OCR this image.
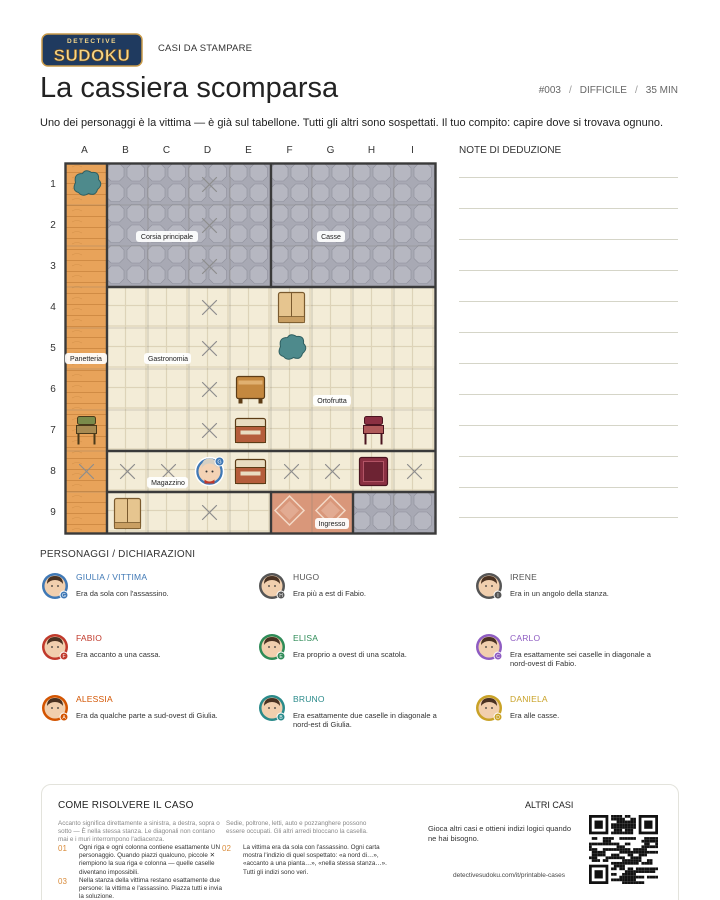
DETECTIVE
SUDOKU	CASI DA STAMPARE
La cassiera scomparsa	#003 / DIFFICILE / 35 MIN
Uno dei personaggi è la vittima — è già sul tabellone. Tutti gli altri sono sospettati. Il tuo compito: capire dove si trovava ognuno.
A	B	C	D	E	F	G	H	I
1
2
3
4
5
6
7
8
9
G
Corsia principale	Casse
Panetteria	Gastronomia
Ortofrutta
Magazzino
Ingresso
NOTE DI DEDUZIONE
PERSONAGGI / DICHIARAZIONI
G
GIULIA / VITTIMA
Era da sola con l'assassino.	H
HUGO
Era più a est di Fabio.	I
IRENE
Era in un angolo della stanza.
F
FABIO
Era accanto a una cassa.	E
ELISA
Era proprio a ovest di una scatola.	C
CARLO
Era esattamente sei caselle in diagonale a nord-ovest di Fabio.
A
ALESSIA
Era da qualche parte a sud-ovest di Giulia.	B
BRUNO
Era esattamente due caselle in diagonale a nord-est di Giulia.
D
DANIELA
Era alle casse.
COME RISOLVERE IL CASO
Accanto significa direttamente a sinistra, a destra, sopra o sotto — È nella stessa stanza. Le diagonali non contano mai e i muri interrompono l'adiacenza.
Sedie, poltrone, letti, auto e pozzanghere possono essere occupati. Gli altri arredi bloccano la casella.
01 Ogni riga e ogni colonna contiene esattamente UN personaggio. Quando piazzi qualcuno, piccole ✕ riempiono la sua riga e colonna — quelle caselle diventano impossibili.
02 La vittima era da sola con l'assassino. Ogni carta mostra l'indizio di quel sospettato: «a nord di…», «accanto a una pianta…», «nella stessa stanza…». Tutti gli indizi sono veri.
03 Nella stanza della vittima restano esattamente due persone: la vittima e l'assassino. Piazza tutti e invia la soluzione.
ALTRI CASI
Gioca altri casi e ottieni indizi logici quando ne hai bisogno.
detectivesudoku.com/it/printable-cases
